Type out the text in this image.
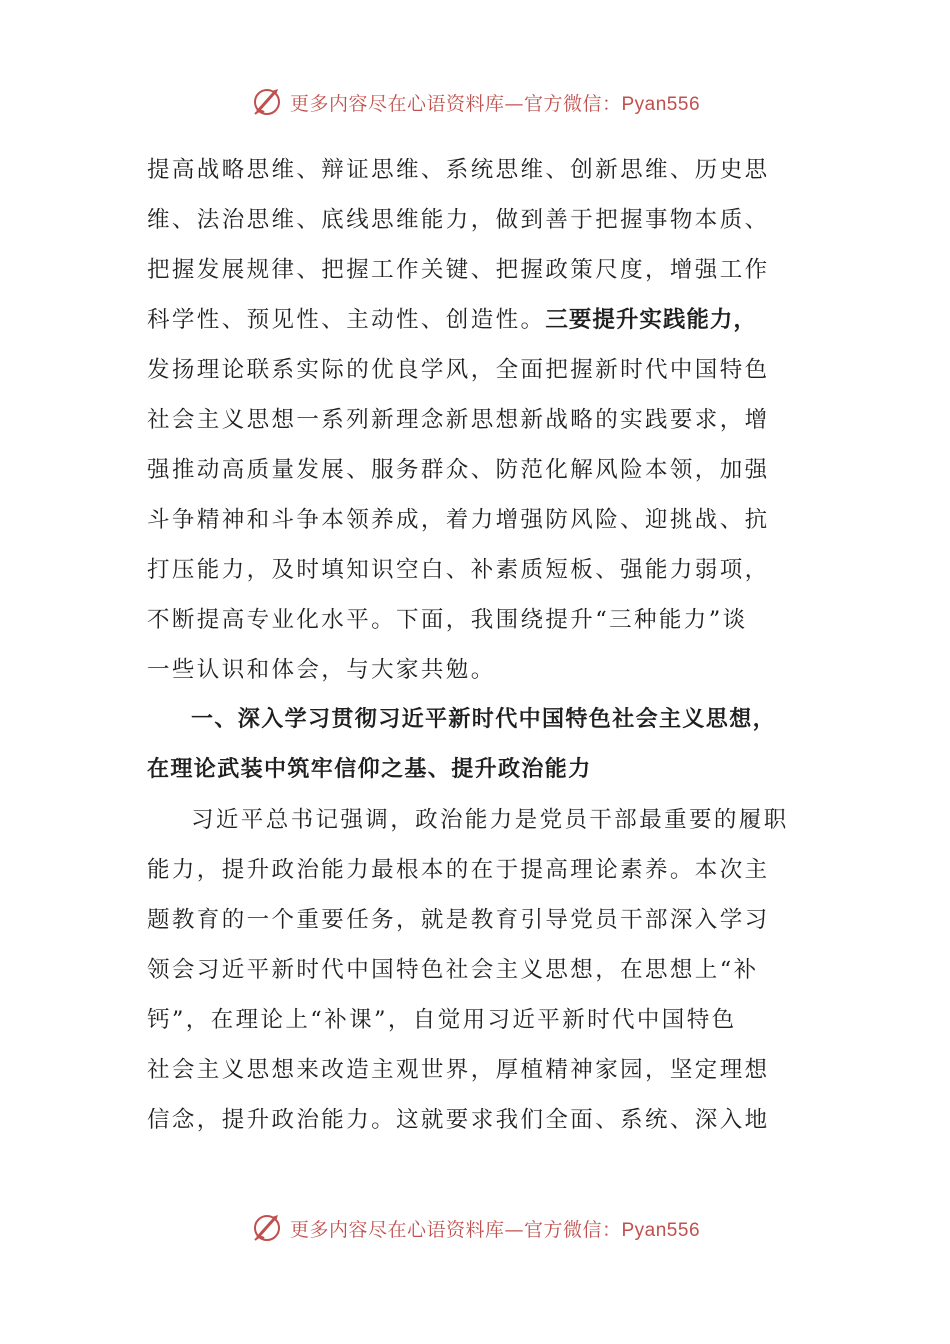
更多内容尽在心语资料库—官方微信：Pyan556
提高战略思维、辩证思维、系统思维、创新思维、历史思
维、法治思维、底线思维能力，做到善于把握事物本质、
把握发展规律、把握工作关键、把握政策尺度，增强工作
科学性、预见性、主动性、创造性。三要提升实践能力，
发扬理论联系实际的优良学风，全面把握新时代中国特色
社会主义思想一系列新理念新思想新战略的实践要求，增
强推动高质量发展、服务群众、防范化解风险本领，加强
斗争精神和斗争本领养成，着力增强防风险、迎挑战、抗
打压能力，及时填知识空白、补素质短板、强能力弱项，
不断提高专业化水平。下面，我围绕提升“三种能力”谈
一些认识和体会，与大家共勉。
一、深入学习贯彻习近平新时代中国特色社会主义思想，
在理论武装中筑牢信仰之基、提升政治能力
习近平总书记强调，政治能力是党员干部最重要的履职
能力，提升政治能力最根本的在于提高理论素养。本次主
题教育的一个重要任务，就是教育引导党员干部深入学习
领会习近平新时代中国特色社会主义思想，在思想上“补
钙”，在理论上“补课”，自觉用习近平新时代中国特色
社会主义思想来改造主观世界，厚植精神家园，坚定理想
信念，提升政治能力。这就要求我们全面、系统、深入地
更多内容尽在心语资料库—官方微信：Pyan556
